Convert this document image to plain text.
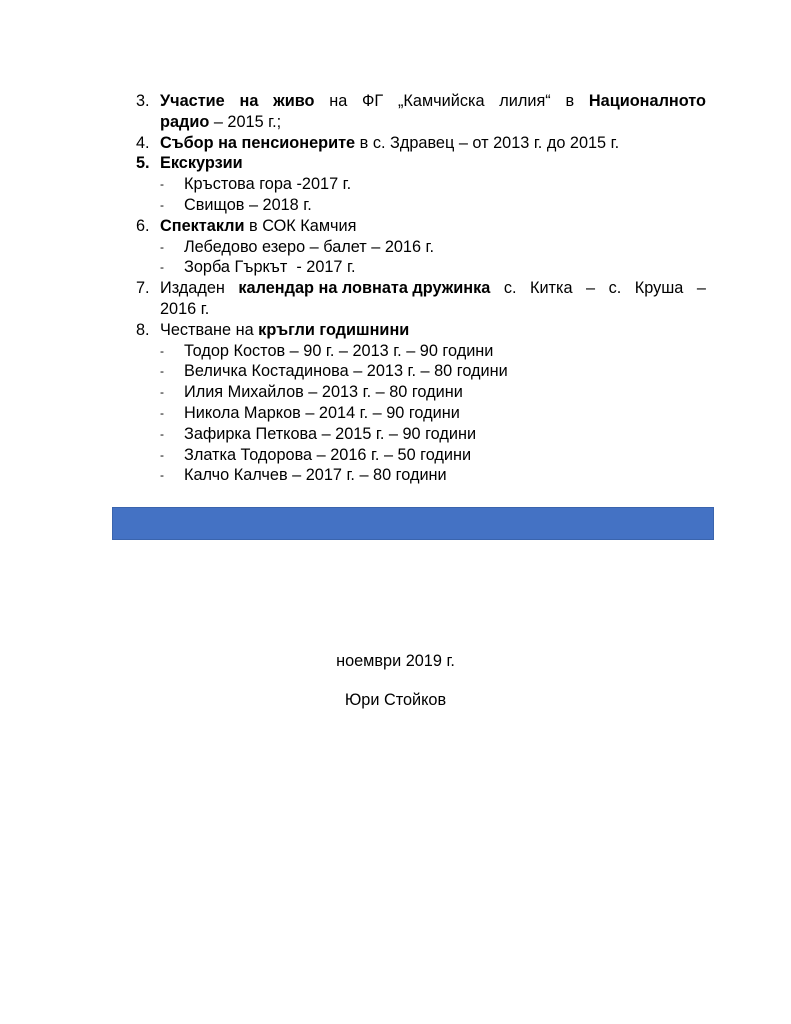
3. Участие на живо на ФГ „Камчийска лилия“ в Националното
радио – 2015 г.;
4. Събор на пенсионерите в с. Здравец – от 2013 г. до 2015 г.
5. Екскурзии
-	Кръстова гора -2017 г.
-	Свищов – 2018 г.
6. Спектакли в СОК Камчия
-	Лебедово езеро – балет – 2016 г.
-	Зорба Гъркът  - 2017 г.
7. Издаден календар на ловната дружинка с. Китка – с. Круша –
2016 г.
8. Честване на кръгли годишнини
-	Тодор Костов – 90 г. – 2013 г. – 90 години
-	Величка Костадинова – 2013 г. – 80 години
-	Илия Михайлов – 2013 г. – 80 години
-	Никола Марков – 2014 г. – 90 години
-	Зафирка Петкова – 2015 г. – 90 години
-	Златка Тодорова – 2016 г. – 50 години
-	Калчо Калчев – 2017 г. – 80 години
ноември 2019 г.
Юри Стойков
